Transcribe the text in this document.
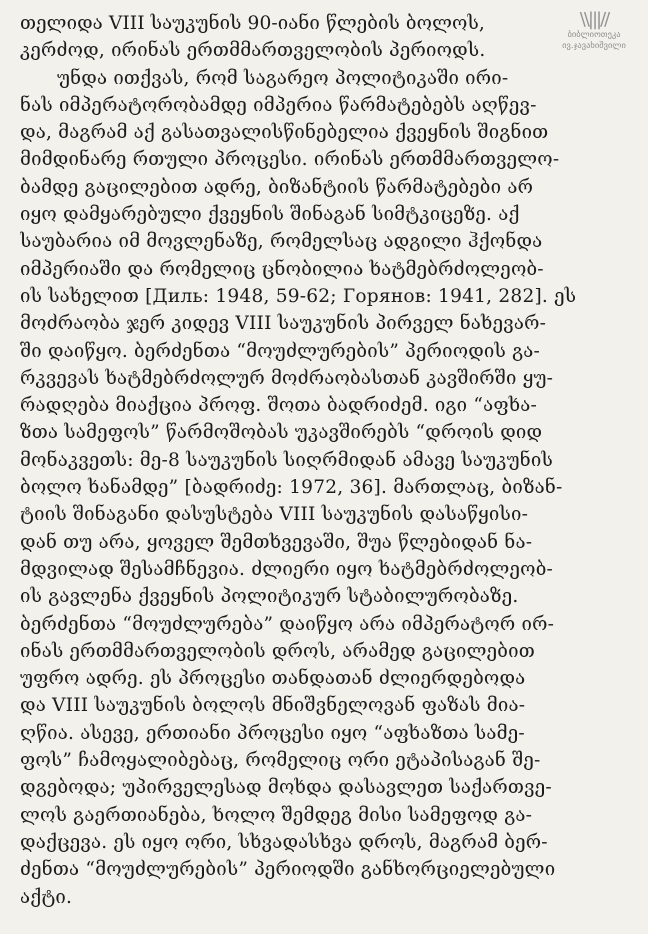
\\|||//
ბიბლიოთეკა
ივ.ჯავახიშვილი
თელიდა VIII საუკუნის 90-იანი წლების ბოლოს,
კერძოდ, ირინას ერთმმართველობის პერიოდს.
უნდა ითქვას, რომ საგარეო პოლიტიკაში ირი-
ნას იმპერატორობამდე იმპერია წარმატებებს აღწევ-
და, მაგრამ აქ გასათვალისწინებელია ქვეყნის შიგნით
მიმდინარე რთული პროცესი. ირინას ერთმმართველო-
ბამდე გაცილებით ადრე, ბიზანტიის წარმატებები არ
იყო დამყარებული ქვეყნის შინაგან სიმტკიცეზე. აქ
საუბარია იმ მოვლენაზე, რომელსაც ადგილი ჰქონდა
იმპერიაში და რომელიც ცნობილია ხატმებრძოლეობ-
ის სახელით [Диль: 1948, 59-62; Горянов: 1941, 282]. ეს
მოძრაობა ჯერ კიდევ VIII საუკუნის პირველ ნახევარ-
ში დაიწყო. ბერძენთა “მოუძლურების” პერიოდის გა-
რკვევას ხატმებრძოლურ მოძრაობასთან კავშირში ყუ-
რადღება მიაქცია პროფ. შოთა ბადრიძემ. იგი “აფხა-
ზთა სამეფოს” წარმოშობას უკავშირებს “დროის დიდ
მონაკვეთს: მე-8 საუკუნის სიღრმიდან ამავე საუკუნის
ბოლო ხანამდე” [ბადრიძე: 1972, 36]. მართლაც, ბიზან-
ტიის შინაგანი დასუსტება VIII საუკუნის დასაწყისი-
დან თუ არა, ყოველ შემთხვევაში, შუა წლებიდან ნა-
მდვილად შესამჩნევია. ძლიერი იყო ხატმებრძოლეობ-
ის გავლენა ქვეყნის პოლიტიკურ სტაბილურობაზე.
ბერძენთა “მოუძლურება” დაიწყო არა იმპერატორ ირ-
ინას ერთმმართველობის დროს, არამედ გაცილებით
უფრო ადრე. ეს პროცესი თანდათან ძლიერდებოდა
და VIII საუკუნის ბოლოს მნიშვნელოვან ფაზას მია-
ღწია. ასევე, ერთიანი პროცესი იყო “აფხაზთა სამე-
ფოს” ჩამოყალიბებაც, რომელიც ორი ეტაპისაგან შე-
დგებოდა; უპირველესად მოხდა დასავლეთ საქართვე-
ლოს გაერთიანება, ხოლო შემდეგ მისი სამეფოდ გა-
დაქცევა. ეს იყო ორი, სხვადასხვა დროს, მაგრამ ბერ-
ძენთა “მოუძლურების” პერიოდში განხორციელებული
აქტი.
